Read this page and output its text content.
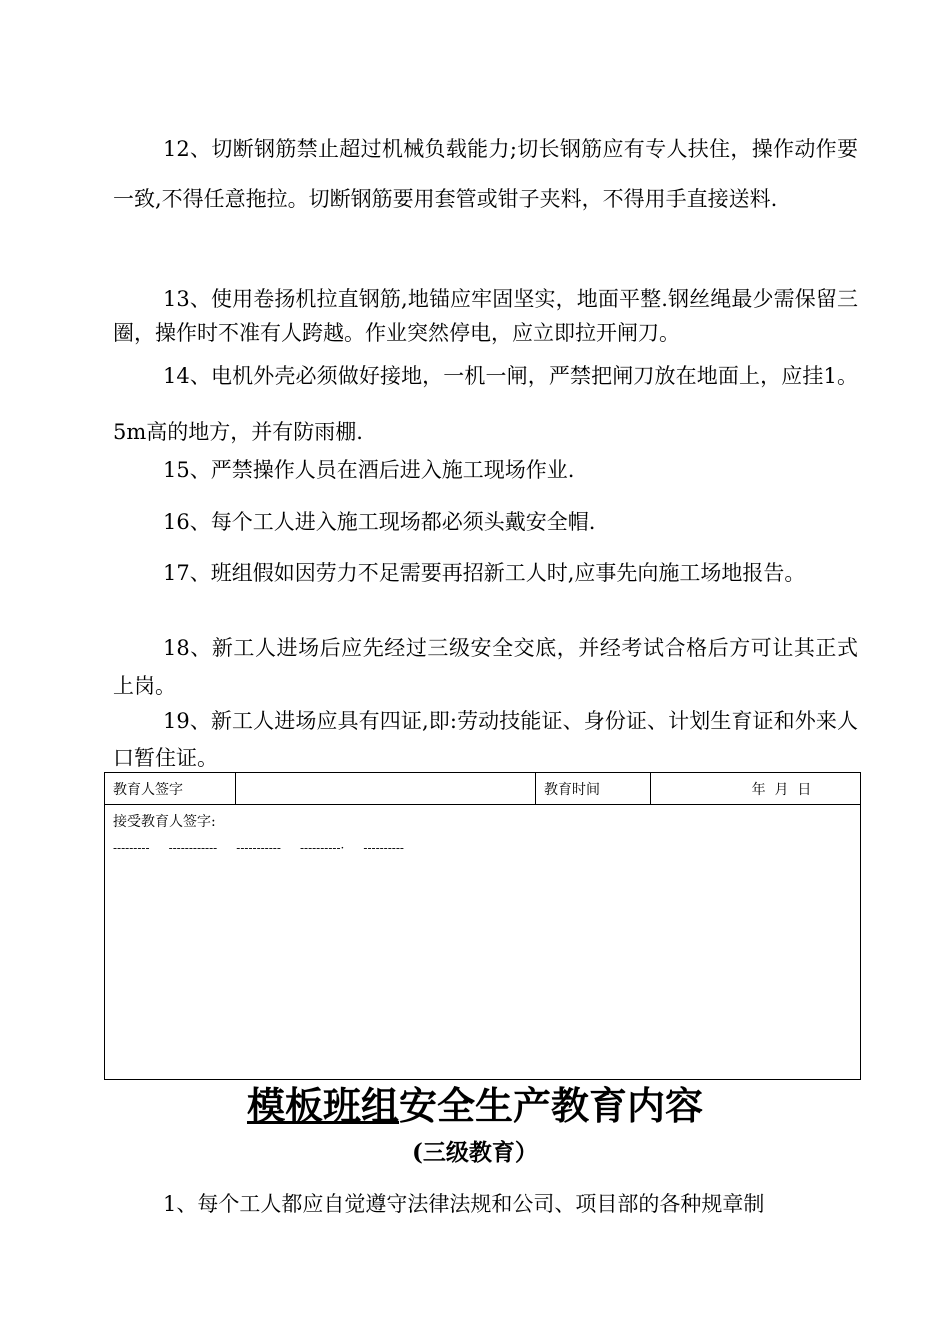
12、切断钢筋禁止超过机械负载能力;切长钢筋应有专人扶住，操作动作要一致,不得任意拖拉。切断钢筋要用套管或钳子夹料，不得用手直接送料.

13、使用卷扬机拉直钢筋,地锚应牢固坚实，地面平整.钢丝绳最少需保留三圈，操作时不准有人跨越。作业突然停电，应立即拉开闸刀。

14、电机外壳必须做好接地，一机一闸，严禁把闸刀放在地面上，应挂1。5m高的地方，并有防雨棚.

15、严禁操作人员在酒后进入施工现场作业.

16、每个工人进入施工现场都必须头戴安全帽.

17、班组假如因劳力不足需要再招新工人时,应事先向施工场地报告。

18、新工人进场后应先经过三级安全交底，并经考试合格后方可让其正式上岗。

19、新工人进场应具有四证,即:劳动技能证、身份证、计划生育证和外来人口暂住证。

教育人签字		教育时间	年  月  日

接受教育人签字:
---------     ------------     -----------     ----------·     ----------
模板班组安全生产教育内容

(三级教育）

1、每个工人都应自觉遵守法律法规和公司、项目部的各种规章制
